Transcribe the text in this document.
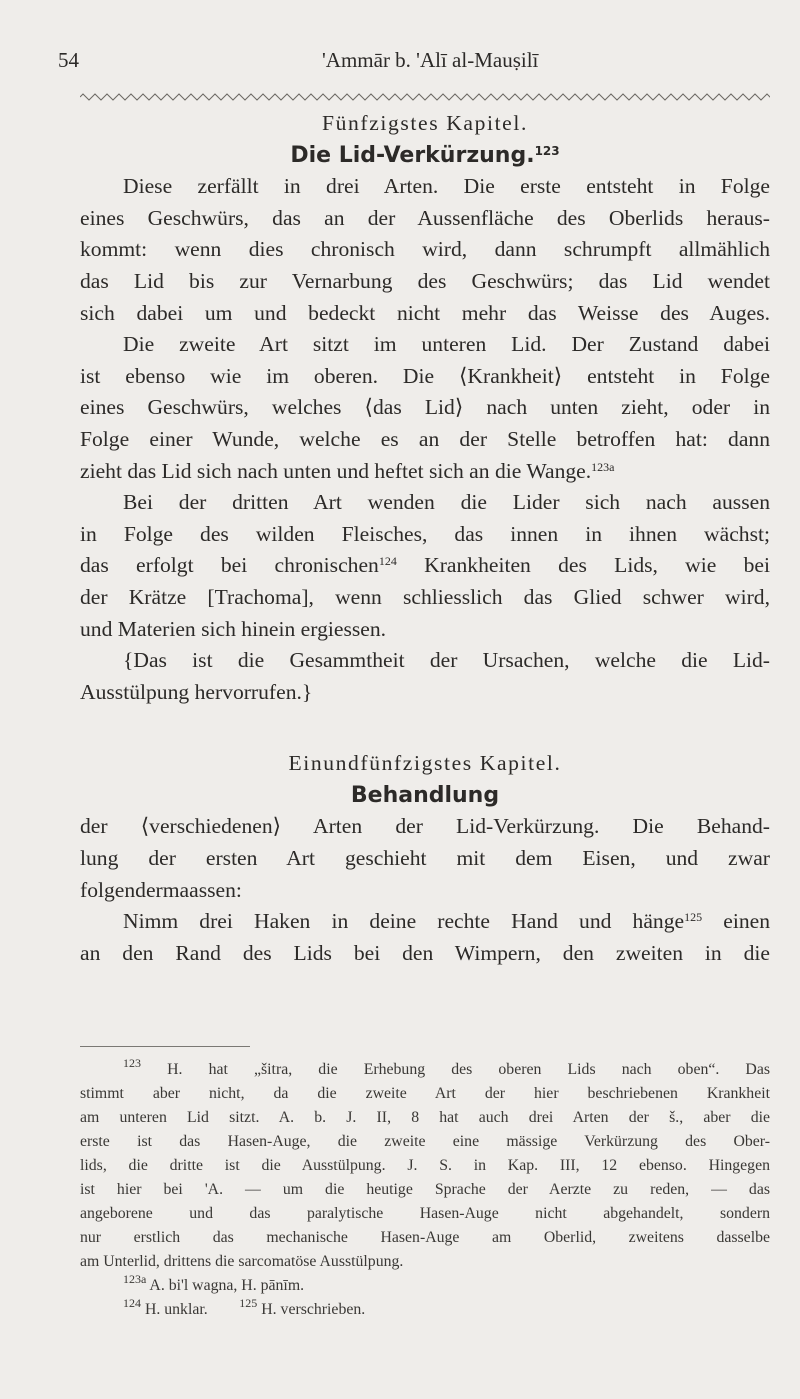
54	'Ammār b. 'Alī al-Mauṣilī

Fünfzigstes Kapitel.

Die Lid-Verkürzung.$^{123}$

Diese zerfällt in drei Arten. Die erste entsteht in Folge

eines Geschwürs, das an der Aussenfläche des Oberlids heraus-

kommt: wenn dies chronisch wird, dann schrumpft allmählich

das Lid bis zur Vernarbung des Geschwürs; das Lid wendet

sich dabei um und bedeckt nicht mehr das Weisse des Auges.

Die zweite Art sitzt im unteren Lid. Der Zustand dabei

ist ebenso wie im oberen. Die ⟨Krankheit⟩ entsteht in Folge

eines Geschwürs, welches ⟨das Lid⟩ nach unten zieht, oder in

Folge einer Wunde, welche es an der Stelle betroffen hat: dann

zieht das Lid sich nach unten und heftet sich an die Wange.$^{123a}$

Bei der dritten Art wenden die Lider sich nach aussen

in Folge des wilden Fleisches, das innen in ihnen wächst;

das erfolgt bei chronischen$^{124}$ Krankheiten des Lids, wie bei

der Krätze [Trachoma], wenn schliesslich das Glied schwer wird,

und Materien sich hinein ergiessen.

{Das ist die Gesammtheit der Ursachen, welche die Lid-

Ausstülpung hervorrufen.}

Einundfünfzigstes Kapitel.

Behandlung

der ⟨verschiedenen⟩ Arten der Lid-Verkürzung. Die Behand-

lung der ersten Art geschieht mit dem Eisen, und zwar

folgendermaassen:

Nimm drei Haken in deine rechte Hand und hänge$^{125}$ einen

an den Rand des Lids bei den Wimpern, den zweiten in die

$^{123}$ H. hat „šitra, die Erhebung des oberen Lids nach oben“. Das

stimmt aber nicht, da die zweite Art der hier beschriebenen Krankheit

am unteren Lid sitzt. A. b. J. II, 8 hat auch drei Arten der š., aber die

erste ist das Hasen-Auge, die zweite eine mässige Verkürzung des Ober-

lids, die dritte ist die Ausstülpung. J. S. in Kap. III, 12 ebenso. Hingegen

ist hier bei 'A. — um die heutige Sprache der Aerzte zu reden, — das

angeborene und das paralytische Hasen-Auge nicht abgehandelt, sondern

nur erstlich das mechanische Hasen-Auge am Oberlid, zweitens dasselbe

am Unterlid, drittens die sarcomatöse Ausstülpung.

$^{123a}$ A. bi'l wagna, H. pānīm.

$^{124}$ H. unklar.	$^{125}$ H. verschrieben.
